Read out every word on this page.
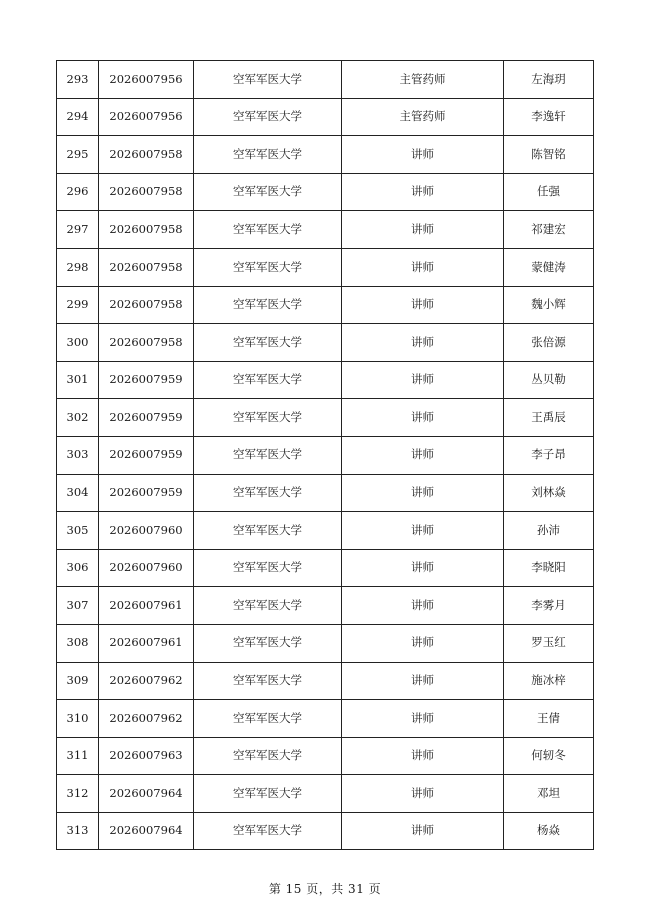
293	2026007956	空军军医大学	主管药师	左海玥
294	2026007956	空军军医大学	主管药师	李逸轩
295	2026007958	空军军医大学	讲师	陈智铭
296	2026007958	空军军医大学	讲师	任强
297	2026007958	空军军医大学	讲师	祁建宏
298	2026007958	空军军医大学	讲师	蒙健涛
299	2026007958	空军军医大学	讲师	魏小辉
300	2026007958	空军军医大学	讲师	张倍源
301	2026007959	空军军医大学	讲师	丛贝勒
302	2026007959	空军军医大学	讲师	王禹辰
303	2026007959	空军军医大学	讲师	李子昂
304	2026007959	空军军医大学	讲师	刘林焱
305	2026007960	空军军医大学	讲师	孙沛
306	2026007960	空军军医大学	讲师	李晓阳
307	2026007961	空军军医大学	讲师	李雾月
308	2026007961	空军军医大学	讲师	罗玉红
309	2026007962	空军军医大学	讲师	施冰梓
310	2026007962	空军军医大学	讲师	王倩
311	2026007963	空军军医大学	讲师	何轫冬
312	2026007964	空军军医大学	讲师	邓坦
313	2026007964	空军军医大学	讲师	杨焱
第 15 页，共 31 页
